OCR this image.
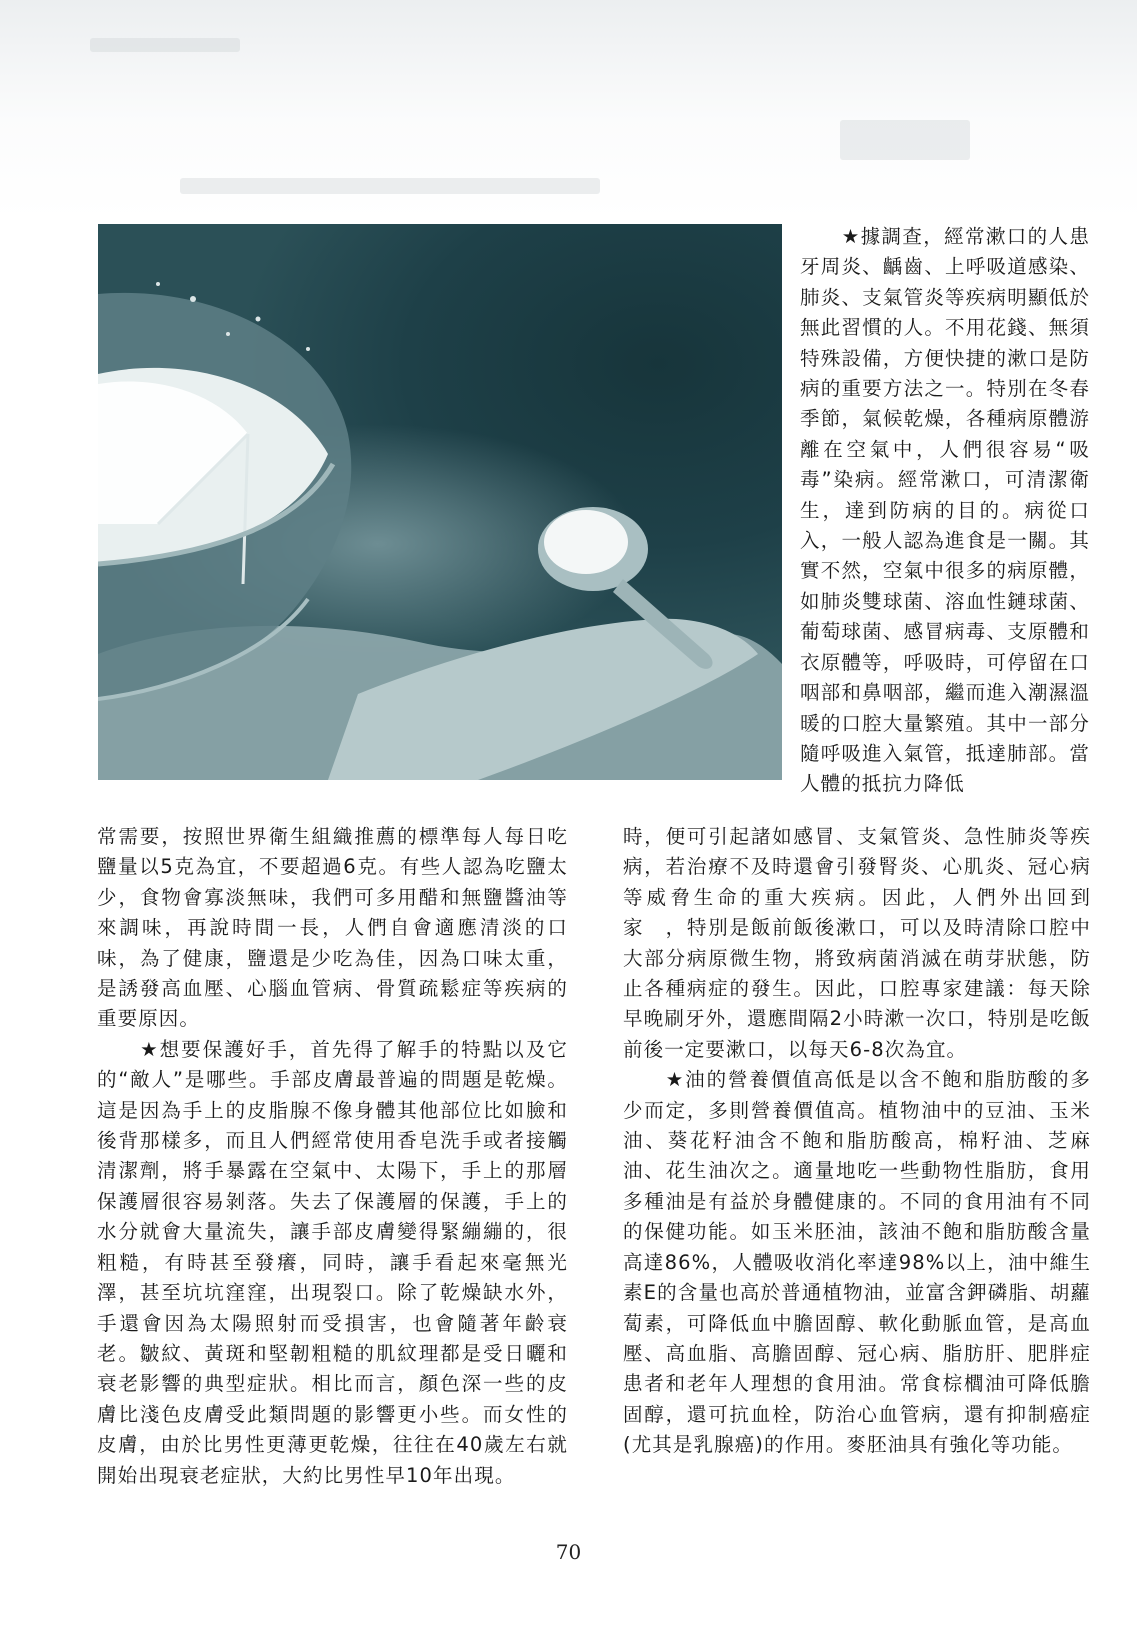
　　★據調查，經常漱口的人患牙周炎、齲齒、上呼吸道感染、肺炎、支氣管炎等疾病明顯低於無此習慣的人。不用花錢、無須特殊設備，方便快捷的漱口是防病的重要方法之一。特別在冬春季節，氣候乾燥，各種病原體游離在空氣中，人們很容易“吸毒”染病。經常漱口，可清潔衛生，達到防病的目的。病從口入，一般人認為進食是一關。其實不然，空氣中很多的病原體，如肺炎雙球菌、溶血性鏈球菌、葡萄球菌、感冒病毒、支原體和衣原體等，呼吸時，可停留在口咽部和鼻咽部，繼而進入潮濕溫暖的口腔大量繁殖。其中一部分隨呼吸進入氣管，抵達肺部。當人體的抵抗力降低
常需要，按照世界衛生組織推薦的標準每人每日吃鹽量以5克為宜，不要超過6克。有些人認為吃鹽太少，食物會寡淡無味，我們可多用醋和無鹽醬油等來調味，再說時間一長，人們自會適應清淡的口味，為了健康，鹽還是少吃為佳，因為口味太重，是誘發高血壓、心腦血管病、骨質疏鬆症等疾病的重要原因。
　　★想要保護好手，首先得了解手的特點以及它的“敵人”是哪些。手部皮膚最普遍的問題是乾燥。這是因為手上的皮脂腺不像身體其他部位比如臉和後背那樣多，而且人們經常使用香皂洗手或者接觸清潔劑，將手暴露在空氣中、太陽下，手上的那層保護層很容易剝落。失去了保護層的保護，手上的水分就會大量流失，讓手部皮膚變得緊繃繃的，很粗糙，有時甚至發癢，同時，讓手看起來毫無光澤，甚至坑坑窪窪，出現裂口。除了乾燥缺水外，手還會因為太陽照射而受損害，也會隨著年齡衰老。皺紋、黃斑和堅韌粗糙的肌紋理都是受日曬和衰老影響的典型症狀。相比而言，顏色深一些的皮膚比淺色皮膚受此類問題的影響更小些。而女性的皮膚，由於比男性更薄更乾燥，往往在40歲左右就開始出現衰老症狀，大約比男性早10年出現。
時，便可引起諸如感冒、支氣管炎、急性肺炎等疾病，若治療不及時還會引發腎炎、心肌炎、冠心病等威脅生命的重大疾病。因此，人們外出回到家　，特別是飯前飯後漱口，可以及時清除口腔中大部分病原微生物，將致病菌消滅在萌芽狀態，防止各種病症的發生。因此，口腔專家建議：每天除早晚刷牙外，還應間隔2小時漱一次口，特別是吃飯前後一定要漱口，以每天6-8次為宜。
　　★油的營養價值高低是以含不飽和脂肪酸的多少而定，多則營養價值高。植物油中的豆油、玉米油、葵花籽油含不飽和脂肪酸高，棉籽油、芝麻油、花生油次之。適量地吃一些動物性脂肪，食用多種油是有益於身體健康的。不同的食用油有不同的保健功能。如玉米胚油，該油不飽和脂肪酸含量高達86%，人體吸收消化率達98%以上，油中維生素E的含量也高於普通植物油，並富含鉀磷脂、胡蘿蔔素，可降低血中膽固醇、軟化動脈血管，是高血壓、高血脂、高膽固醇、冠心病、脂肪肝、肥胖症患者和老年人理想的食用油。常食棕櫚油可降低膽固醇，還可抗血栓，防治心血管病，還有抑制癌症(尤其是乳腺癌)的作用。麥胚油具有強化等功能。
70
